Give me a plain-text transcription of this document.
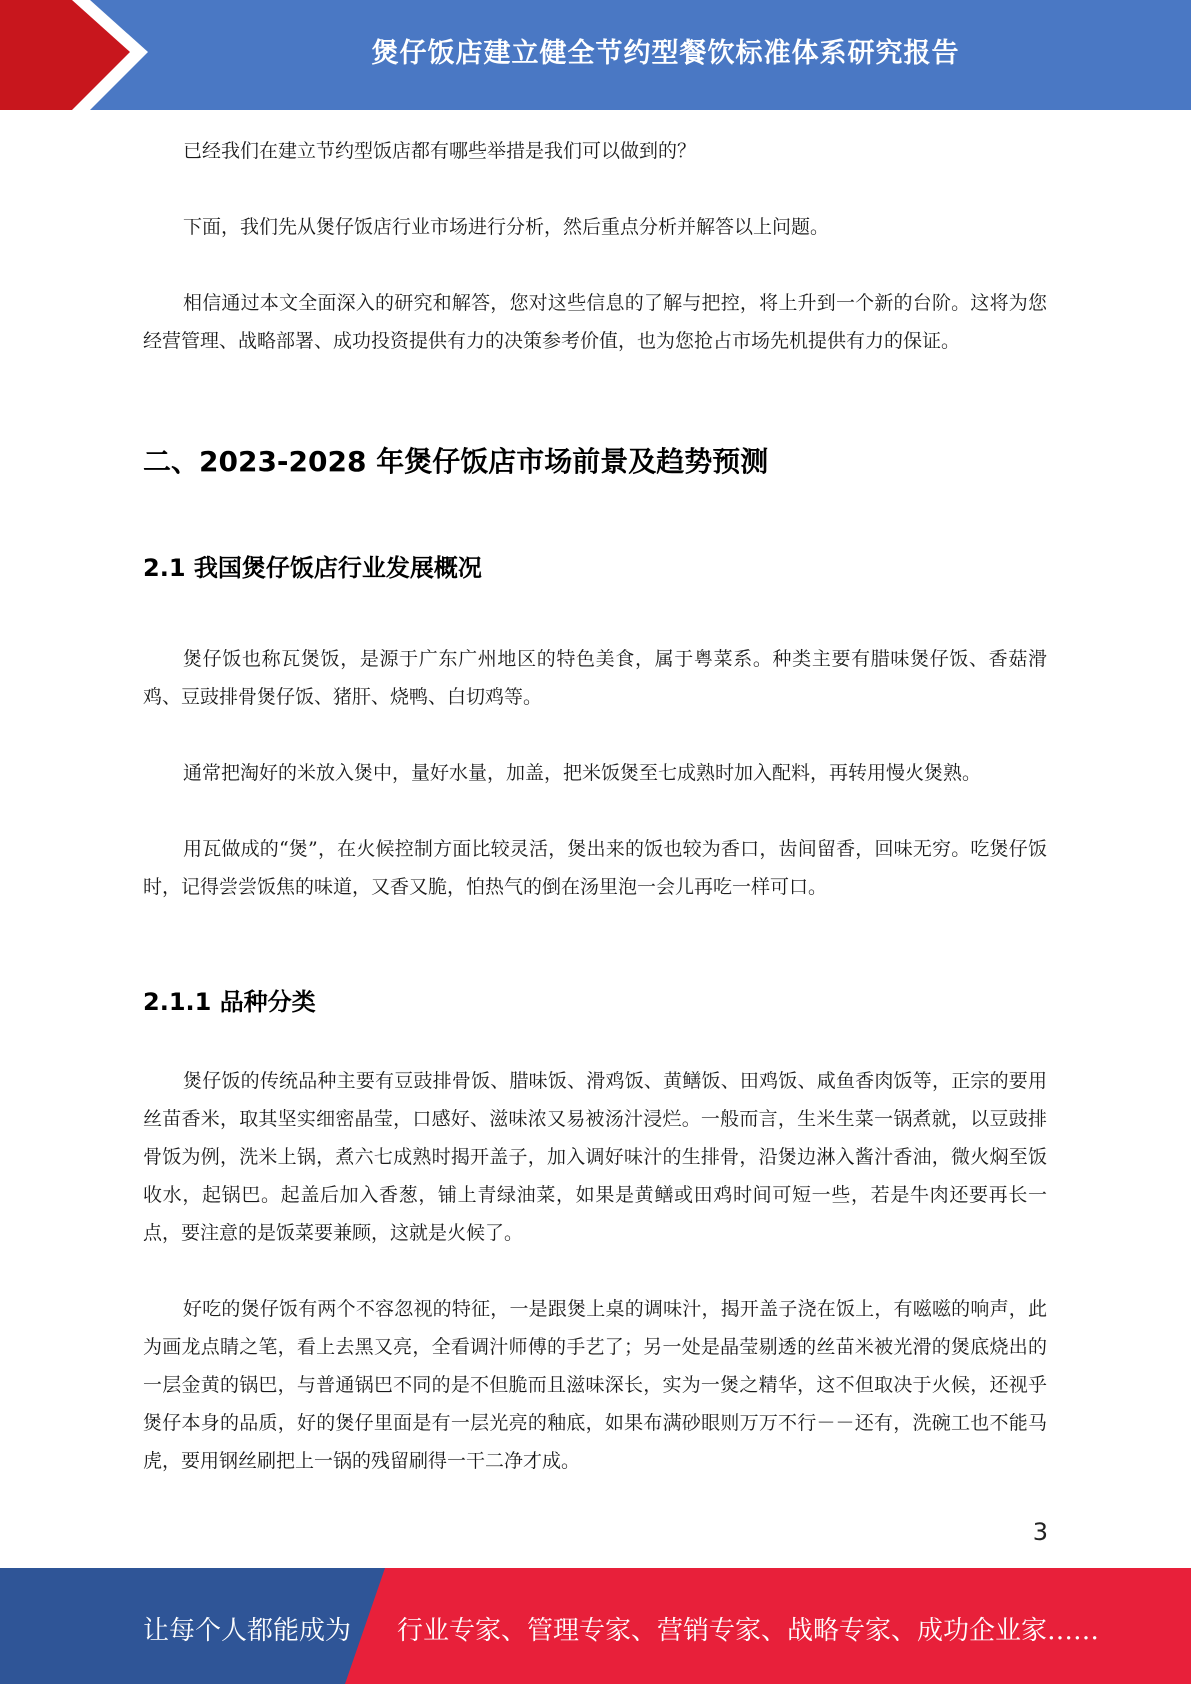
煲仔饭店建立健全节约型餐饮标准体系研究报告

已经我们在建立节约型饭店都有哪些举措是我们可以做到的？

下面，我们先从煲仔饭店行业市场进行分析，然后重点分析并解答以上问题。

相信通过本文全面深入的研究和解答，您对这些信息的了解与把控，将上升到一个新的台阶。这将为您经营管理、战略部署、成功投资提供有力的决策参考价值，也为您抢占市场先机提供有力的保证。

二、2023-2028 年煲仔饭店市场前景及趋势预测
2.1 我国煲仔饭店行业发展概况

煲仔饭也称瓦煲饭，是源于广东广州地区的特色美食，属于粤菜系。种类主要有腊味煲仔饭、香菇滑鸡、豆豉排骨煲仔饭、猪肝、烧鸭、白切鸡等。

通常把淘好的米放入煲中，量好水量，加盖，把米饭煲至七成熟时加入配料，再转用慢火煲熟。

用瓦做成的“煲”，在火候控制方面比较灵活，煲出来的饭也较为香口，齿间留香，回味无穷。吃煲仔饭时，记得尝尝饭焦的味道，又香又脆，怕热气的倒在汤里泡一会儿再吃一样可口。

2.1.1 品种分类

煲仔饭的传统品种主要有豆豉排骨饭、腊味饭、滑鸡饭、黄鳝饭、田鸡饭、咸鱼香肉饭等，正宗的要用丝苗香米，取其坚实细密晶莹，口感好、滋味浓又易被汤汁浸烂。一般而言，生米生菜一锅煮就，以豆豉排骨饭为例，洗米上锅，煮六七成熟时揭开盖子，加入调好味汁的生排骨，沿煲边淋入酱汁香油，微火焖至饭收水，起锅巴。起盖后加入香葱，铺上青绿油菜，如果是黄鳝或田鸡时间可短一些，若是牛肉还要再长一点，要注意的是饭菜要兼顾，这就是火候了。

好吃的煲仔饭有两个不容忽视的特征，一是跟煲上桌的调味汁，揭开盖子浇在饭上，有嗞嗞的响声，此为画龙点睛之笔，看上去黑又亮，全看调汁师傅的手艺了；另一处是晶莹剔透的丝苗米被光滑的煲底烧出的一层金黄的锅巴，与普通锅巴不同的是不但脆而且滋味深长，实为一煲之精华，这不但取决于火候，还视乎煲仔本身的品质，好的煲仔里面是有一层光亮的釉底，如果布满砂眼则万万不行－－还有，洗碗工也不能马虎，要用钢丝刷把上一锅的残留刷得一干二净才成。

3
让每个人都能成为 行业专家、管理专家、营销专家、战略专家、成功企业家……
